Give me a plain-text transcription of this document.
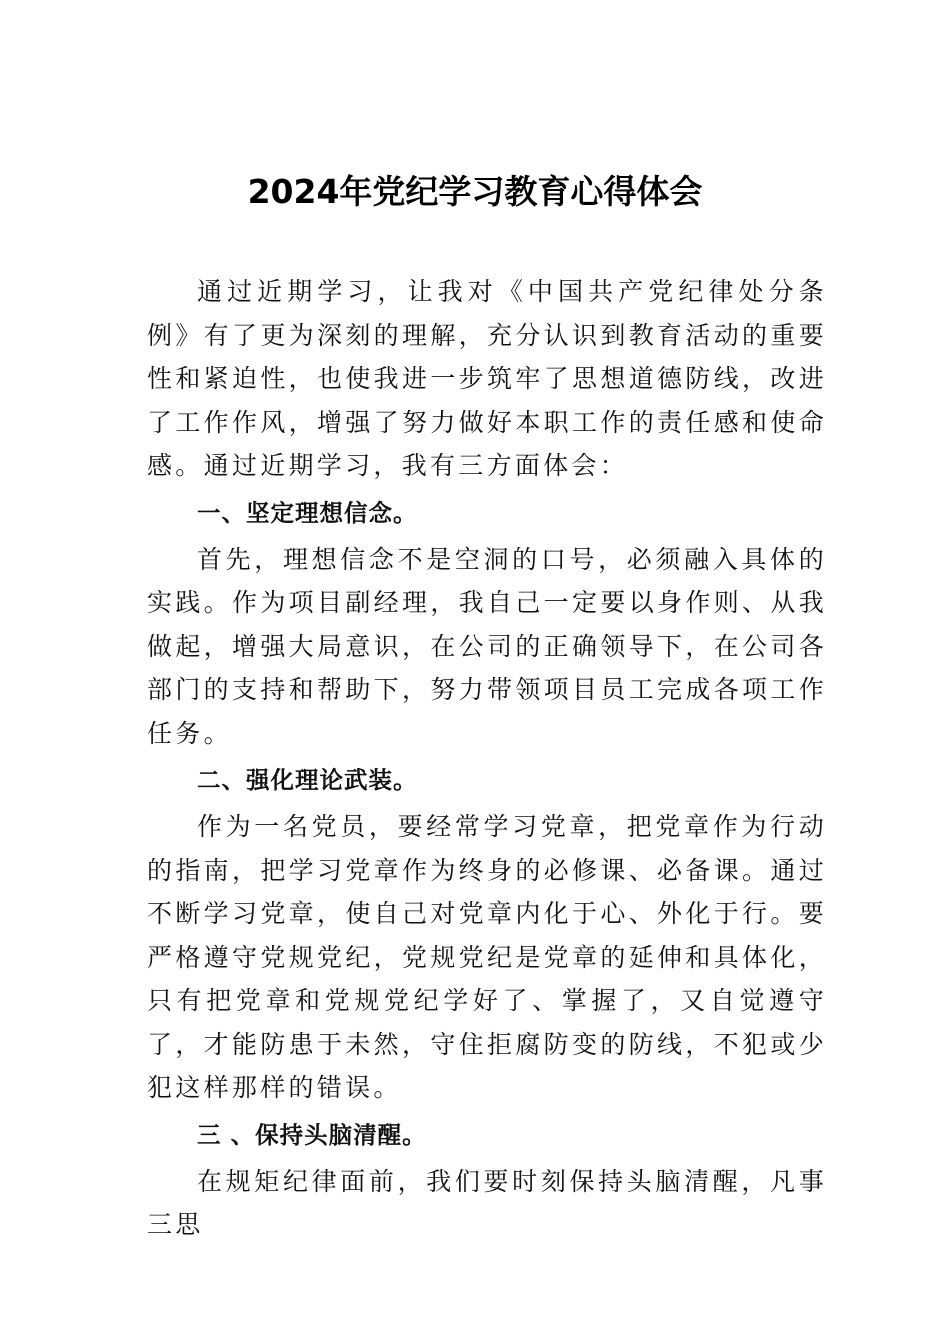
2024年党纪学习教育心得体会

通过近期学习，让我对《中国共产党纪律处分条例》有了更为深刻的理解，充分认识到教育活动的重要性和紧迫性，也使我进一步筑牢了思想道德防线，改进了工作作风，增强了努力做好本职工作的责任感和使命感。通过近期学习，我有三方面体会：

一、坚定理想信念。

首先，理想信念不是空洞的口号，必须融入具体的实践。作为项目副经理，我自己一定要以身作则、从我做起，增强大局意识，在公司的正确领导下，在公司各部门的支持和帮助下，努力带领项目员工完成各项工作任务。

二、强化理论武装。

作为一名党员，要经常学习党章，把党章作为行动的指南，把学习党章作为终身的必修课、必备课。通过不断学习党章，使自己对党章内化于心、外化于行。要严格遵守党规党纪，党规党纪是党章的延伸和具体化，只有把党章和党规党纪学好了、掌握了，又自觉遵守了，才能防患于未然，守住拒腐防变的防线，不犯或少犯这样那样的错误。

三 、保持头脑清醒。

在规矩纪律面前，我们要时刻保持头脑清醒，凡事三思
